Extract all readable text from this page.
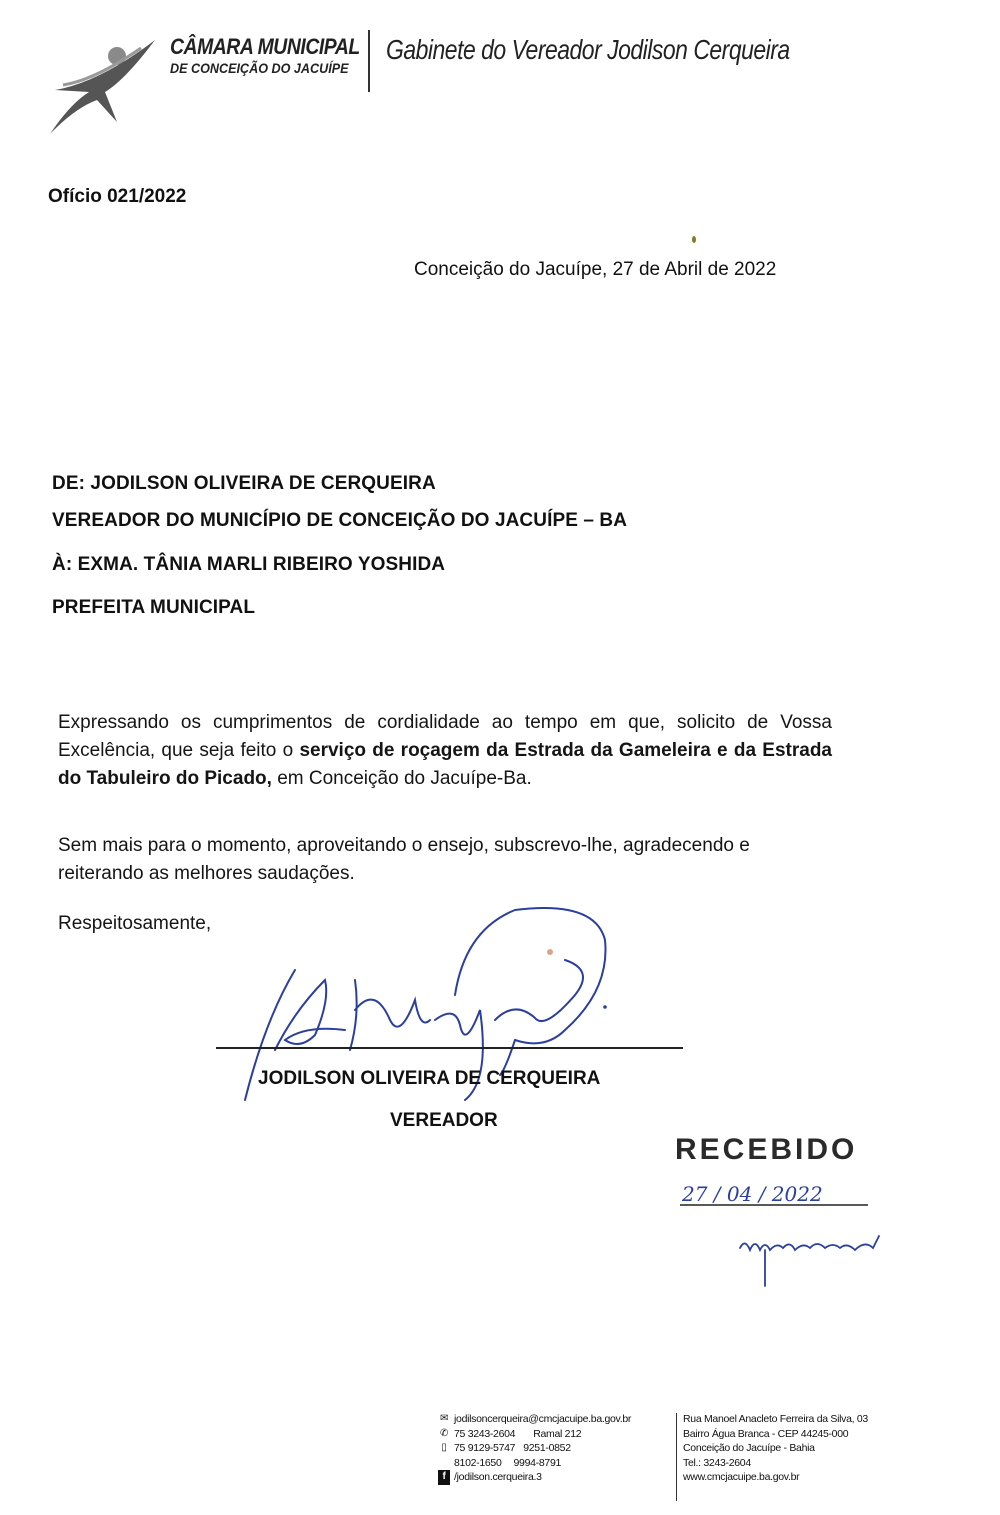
CÂMARA MUNICIPAL
DE CONCEIÇÃO DO JACUÍPE
Gabinete do Vereador Jodilson Cerqueira
Ofício 021/2022
Conceição do Jacuípe, 27 de Abril de 2022
DE: JODILSON OLIVEIRA DE CERQUEIRA
VEREADOR DO MUNICÍPIO DE CONCEIÇÃO DO JACUÍPE – BA
À: EXMA. TÂNIA MARLI RIBEIRO YOSHIDA
PREFEITA MUNICIPAL
Expressando os cumprimentos de cordialidade ao tempo em que, solicito de Vossa Excelência, que seja feito o serviço de roçagem da Estrada da Gameleira e da Estrada do Tabuleiro do Picado, em Conceição do Jacuípe-Ba.
Sem mais para o momento, aproveitando o ensejo, subscrevo-lhe, agradecendo e reiterando as melhores saudações.
Respeitosamente,
JODILSON OLIVEIRA DE CERQUEIRA
VEREADOR
RECEBIDO
27 / 04 / 2022
✉ jodilsoncerqueira@cmcjacuipe.ba.gov.br
✆ 75 3243-2604 Ramal 212
▯ 75 9129-5747 9251-0852
8102-1650 9994-8791
f /jodilson.cerqueira.3
Rua Manoel Anacleto Ferreira da Silva, 03
Bairro Água Branca - CEP 44245-000
Conceição do Jacuípe - Bahia
Tel.: 3243-2604
www.cmcjacuipe.ba.gov.br
